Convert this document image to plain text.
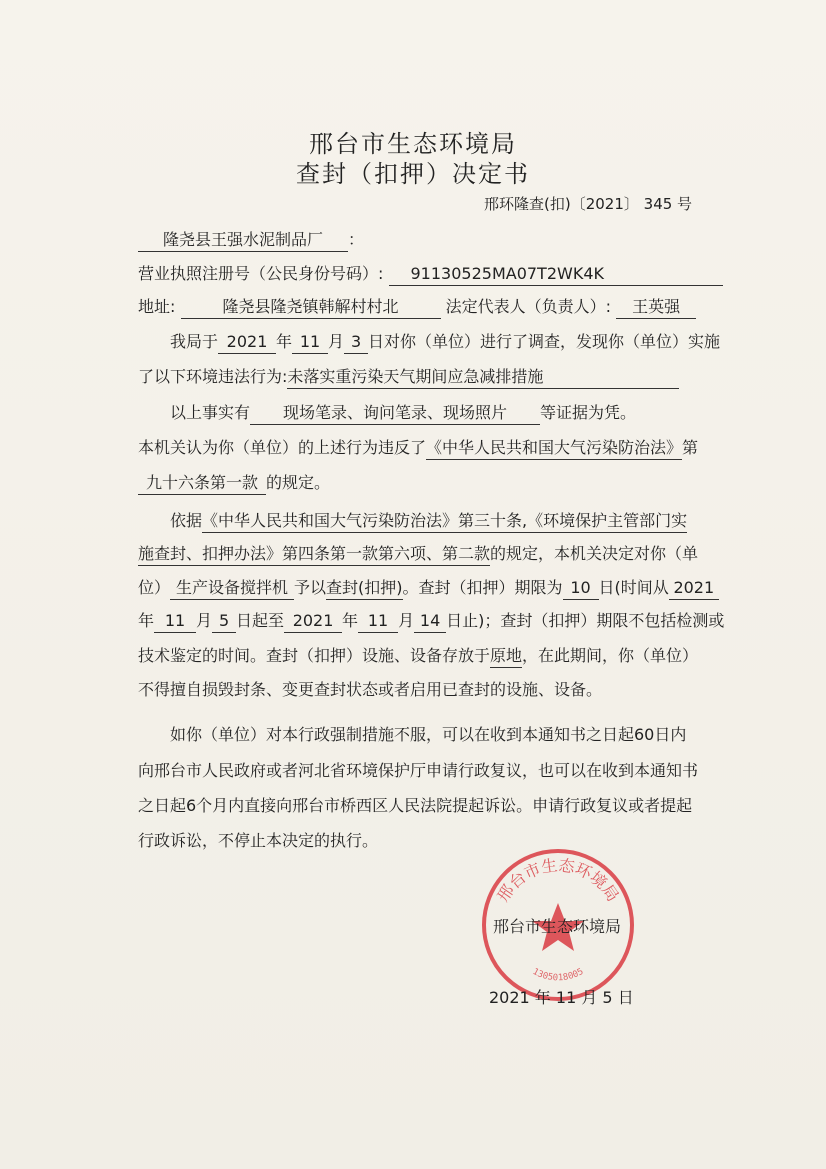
邢台市生态环境局
查封（扣押）决定书
邢环隆查(扣)〔2021〕 345 号
隆尧县王强水泥制品厂 ：
营业执照注册号（公民身份号码）: 91130525MA07T2WK4K
地址:	隆尧县隆尧镇韩解村村北	法定代表人（负责人）: 王英强
我局于 2021 年 11 月 3 日对你（单位）进行了调查，发现你（单位）实施
了以下环境违法行为:未落实重污染天气期间应急减排措施
以上事实有 现场笔录、询问笔录、现场照片 等证据为凭。
本机关认为你（单位）的上述行为违反了《中华人民共和国大气污染防治法》第
九十六条第一款 的规定。
依据《中华人民共和国大气污染防治法》第三十条,《环境保护主管部门实
施查封、扣押办法》第四条第一款第六项、第二款的规定，本机关决定对你（单
位） 生产设备搅拌机 予以查封(扣押)。查封（扣押）期限为 10 日(时间从 2021
年 11 月 5 日起至 2021 年 11 月 14 日止)；查封（扣押）期限不包括检测或
技术鉴定的时间。查封（扣押）设施、设备存放于原地，在此期间，你（单位）
不得擅自损毁封条、变更查封状态或者启用已查封的设施、设备。
如你（单位）对本行政强制措施不服，可以在收到本通知书之日起60日内
向邢台市人民政府或者河北省环境保护厅申请行政复议，也可以在收到本通知书
之日起6个月内直接向邢台市桥西区人民法院提起诉讼。申请行政复议或者提起
行政诉讼，不停止本决定的执行。
邢台市生态环境局
1305018005
邢台市生态环境局
2021 年 11 月 5 日
